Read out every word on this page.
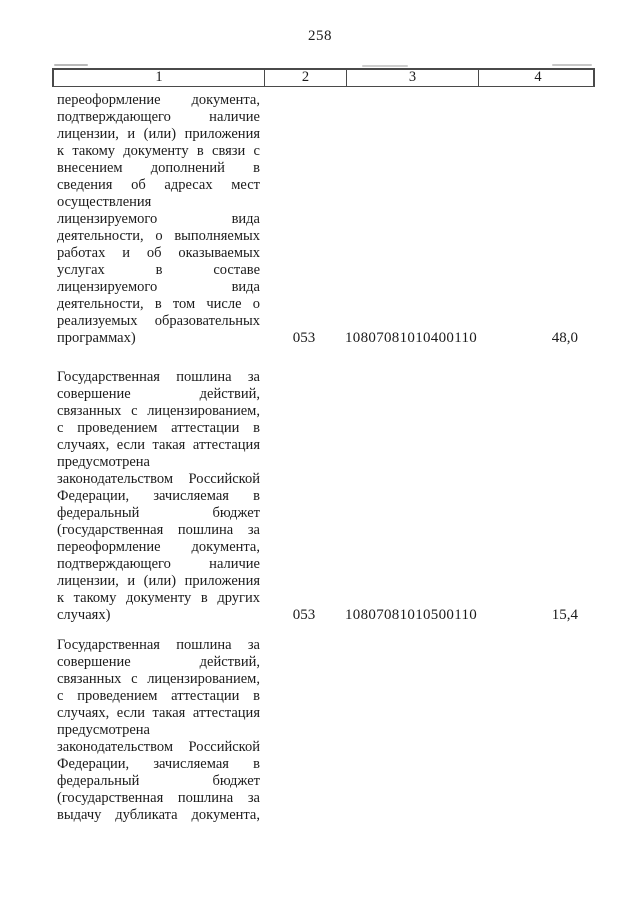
258
1	2	3	4
переоформление документа,
подтверждающего наличие
лицензии, и (или) приложения
к такому документу в связи с
внесением дополнений в
сведения об адресах мест
осуществления
лицензируемого вида
деятельности, о выполняемых
работах и об оказываемых
услугах в составе
лицензируемого вида
деятельности, в том числе о
реализуемых образовательных
программах)	053	10807081010400110	48,0
Государственная пошлина за
совершение действий,
связанных с лицензированием,
с проведением аттестации в
случаях, если такая аттестация
предусмотрена
законодательством Российской
Федерации, зачисляемая в
федеральный бюджет
(государственная пошлина за
переоформление документа,
подтверждающего наличие
лицензии, и (или) приложения
к такому документу в других
случаях)	053	10807081010500110	15,4
Государственная пошлина за
совершение действий,
связанных с лицензированием,
с проведением аттестации в
случаях, если такая аттестация
предусмотрена
законодательством Российской
Федерации, зачисляемая в
федеральный бюджет
(государственная пошлина за
выдачу дубликата документа,
